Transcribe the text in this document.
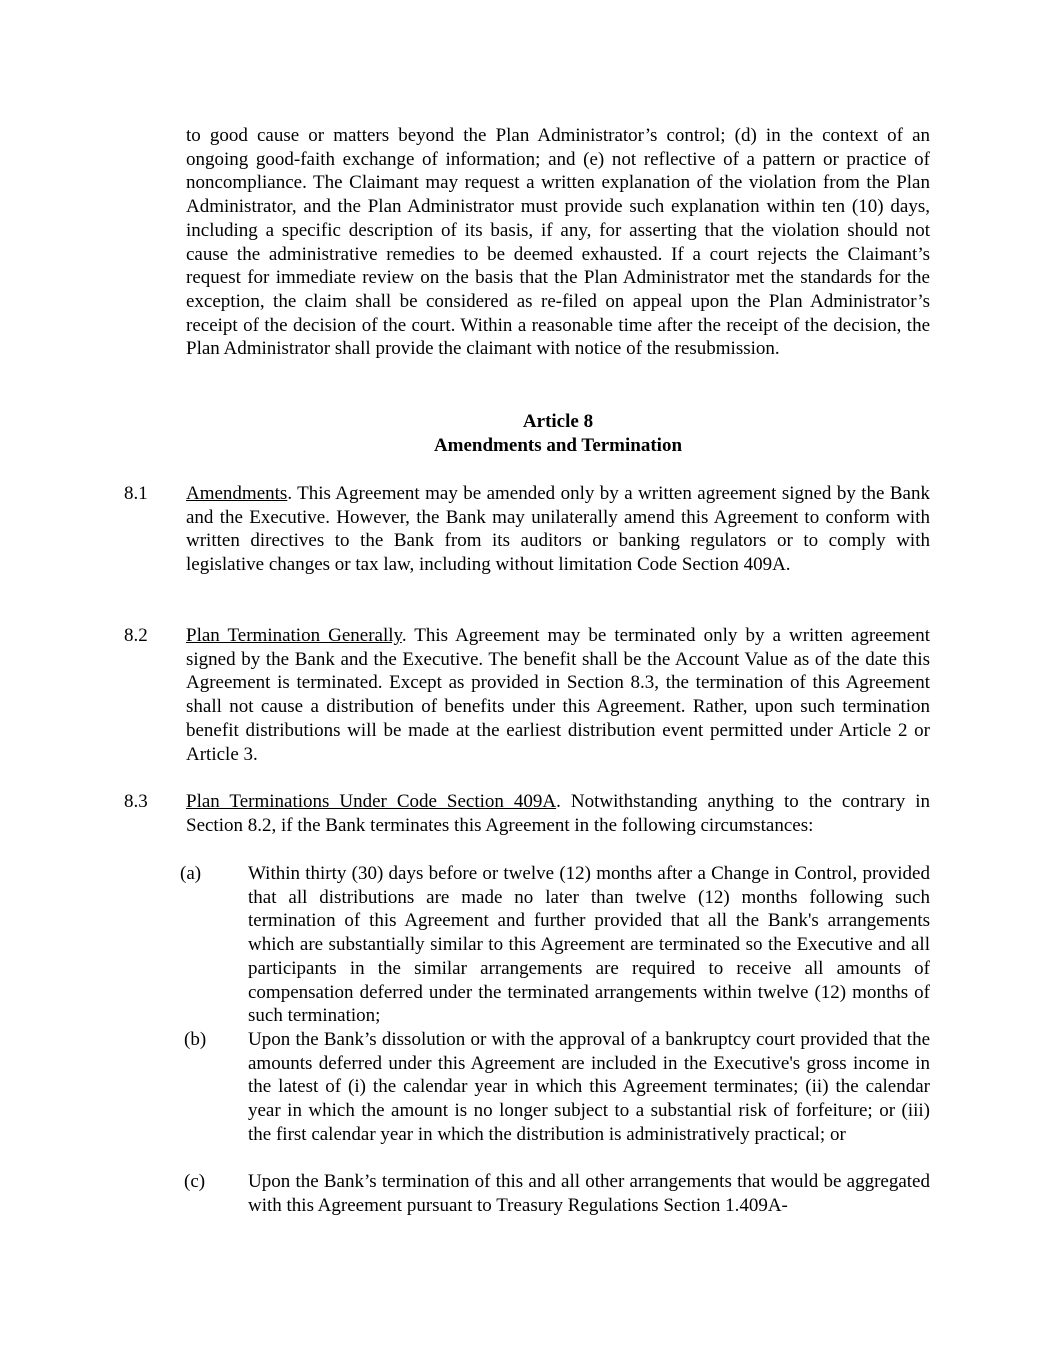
to good cause or matters beyond the Plan Administrator’s control; (d) in the context of an ongoing good-faith exchange of information; and (e) not reflective of a pattern or practice of noncompliance. The Claimant may request a written explanation of the violation from the Plan Administrator, and the Plan Administrator must provide such explanation within ten (10) days, including a specific description of its basis, if any, for asserting that the violation should not cause the administrative remedies to be deemed exhausted. If a court rejects the Claimant’s request for immediate review on the basis that the Plan Administrator met the standards for the exception, the claim shall be considered as re-filed on appeal upon the Plan Administrator’s receipt of the decision of the court. Within a reasonable time after the receipt of the decision, the Plan Administrator shall provide the claimant with notice of the resubmission.
Article 8
Amendments and Termination
8.1	Amendments. This Agreement may be amended only by a written agreement signed by the Bank and the Executive. However, the Bank may unilaterally amend this Agreement to conform with written directives to the Bank from its auditors or banking regulators or to comply with legislative changes or tax law, including without limitation Code Section 409A.
8.2	Plan Termination Generally. This Agreement may be terminated only by a written agreement signed by the Bank and the Executive. The benefit shall be the Account Value as of the date this Agreement is terminated. Except as provided in Section 8.3, the termination of this Agreement shall not cause a distribution of benefits under this Agreement. Rather, upon such termination benefit distributions will be made at the earliest distribution event permitted under Article 2 or Article 3.
8.3	Plan Terminations Under Code Section 409A. Notwithstanding anything to the contrary in Section 8.2, if the Bank terminates this Agreement in the following circumstances:
(a)	Within thirty (30) days before or twelve (12) months after a Change in Control, provided that all distributions are made no later than twelve (12) months following such termination of this Agreement and further provided that all the Bank's arrangements which are substantially similar to this Agreement are terminated so the Executive and all participants in the similar arrangements are required to receive all amounts of compensation deferred under the terminated arrangements within twelve (12) months of such termination;
(b)	Upon the Bank’s dissolution or with the approval of a bankruptcy court provided that the amounts deferred under this Agreement are included in the Executive's gross income in the latest of (i) the calendar year in which this Agreement terminates; (ii) the calendar year in which the amount is no longer subject to a substantial risk of forfeiture; or (iii) the first calendar year in which the distribution is administratively practical; or
(c)	Upon the Bank’s termination of this and all other arrangements that would be aggregated with this Agreement pursuant to Treasury Regulations Section 1.409A-
